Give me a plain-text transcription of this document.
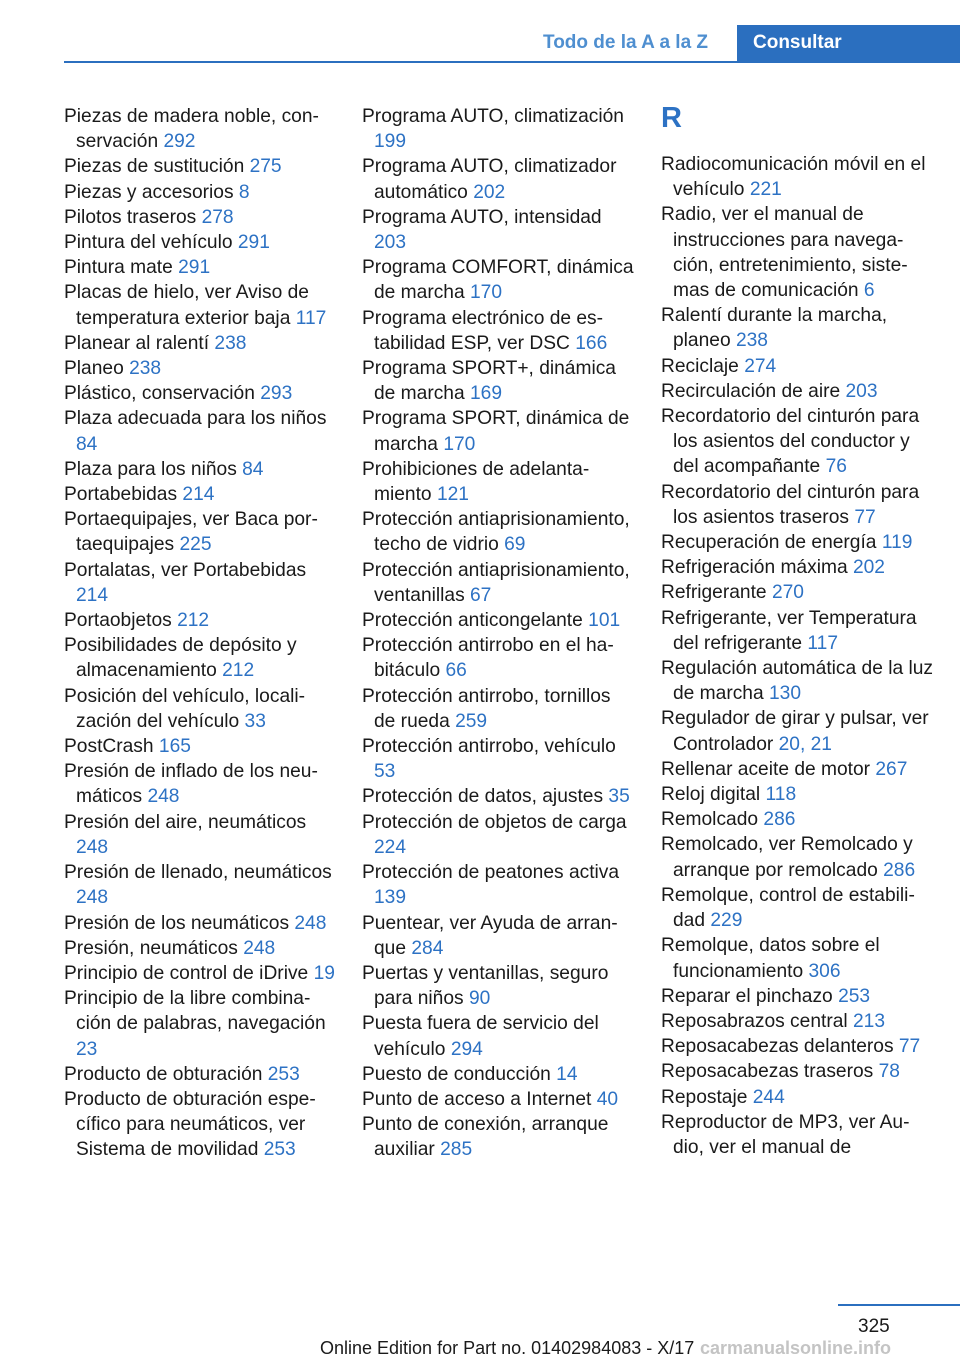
Todo de la A a la Z	Consultar

Piezas de madera noble, conservación 292

Piezas de sustitución 275

Piezas y accesorios 8

Pilotos traseros 278

Pintura del vehículo 291

Pintura mate 291

Placas de hielo, ver Aviso de temperatura exterior baja 117

Planear al ralentí 238

Planeo 238

Plástico, conservación 293

Plaza adecuada para los niños 84

Plaza para los niños 84

Portabebidas 214

Portaequipajes, ver Baca portaequipajes 225

Portalatas, ver Portabebidas 214

Portaobjetos 212

Posibilidades de depósito y almacenamiento 212

Posición del vehículo, localización del vehículo 33

PostCrash 165

Presión de inflado de los neumáticos 248

Presión del aire, neumáticos 248

Presión de llenado, neumáticos 248

Presión de los neumáticos 248

Presión, neumáticos 248

Principio de control de iDrive 19

Principio de la libre combinación de palabras, navegación 23

Producto de obturación 253

Producto de obturación específico para neumáticos, ver Sistema de movilidad 253

Programa AUTO, climatización 199

Programa AUTO, climatizador automático 202

Programa AUTO, intensidad 203

Programa COMFORT, dinámica de marcha 170

Programa electrónico de estabilidad ESP, ver DSC 166

Programa SPORT+, dinámica de marcha 169

Programa SPORT, dinámica de marcha 170

Prohibiciones de adelantamiento 121

Protección antiaprisionamiento, techo de vidrio 69

Protección antiaprisionamiento, ventanillas 67

Protección anticongelante 101

Protección antirrobo en el habitáculo 66

Protección antirrobo, tornillos de rueda 259

Protección antirrobo, vehículo 53

Protección de datos, ajustes 35

Protección de objetos de carga 224

Protección de peatones activa 139

Puentear, ver Ayuda de arranque 284

Puertas y ventanillas, seguro para niños 90

Puesta fuera de servicio del vehículo 294

Puesto de conducción 14

Punto de acceso a Internet 40

Punto de conexión, arranque auxiliar 285

R

Radiocomunicación móvil en el vehículo 221

Radio, ver el manual de instrucciones para navegación, entretenimiento, sistemas de comunicación 6

Ralentí durante la marcha, planeo 238

Reciclaje 274

Recirculación de aire 203

Recordatorio del cinturón para los asientos del conductor y del acompañante 76

Recordatorio del cinturón para los asientos traseros 77

Recuperación de energía 119

Refrigeración máxima 202

Refrigerante 270

Refrigerante, ver Temperatura del refrigerante 117

Regulación automática de la luz de marcha 130

Regulador de girar y pulsar, ver Controlador 20, 21

Rellenar aceite de motor 267

Reloj digital 118

Remolcado 286

Remolcado, ver Remolcado y arranque por remolcado 286

Remolque, control de estabilidad 229

Remolque, datos sobre el funcionamiento 306

Reparar el pinchazo 253

Reposabrazos central 213

Reposacabezas delanteros 77

Reposacabezas traseros 78

Repostaje 244

Reproductor de MP3, ver Audio, ver el manual de

325
Online Edition for Part no. 01402984083 - X/17 carmanualsonline.info
